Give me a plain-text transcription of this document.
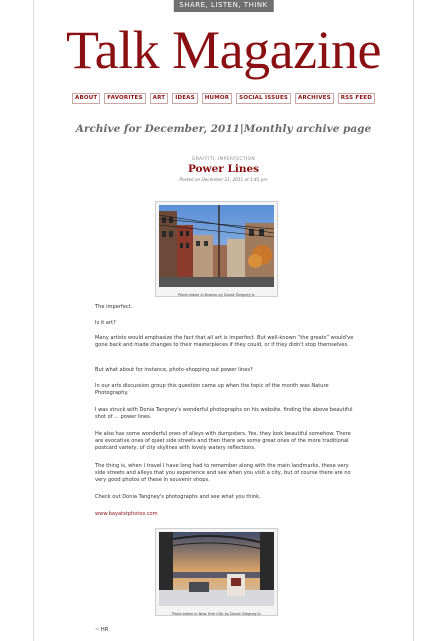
SHARE, LISTEN, THINK
Talk Magazine
ABOUT FAVORITES ART IDEAS HUMOR SOCIAL ISSUES ARCHIVES RSS FEED
Archive for December, 2011|Monthly archive page
GRAFFITI, IMPERFECTION
Power Lines
Posted on December 21, 2011 at 1:43 pm
Photo taken in Boston by Donia Tangney Jr.

The imperfect.

Is it art?

Many artists would emphasize the fact that all art is imperfect. But well-known “the greats” would've gone back and made changes to their masterpieces if they could, or if they didn't stop themselves.

But what about for instance, photo-shopping out power lines?

In our arts discussion group this question came up when the topic of the month was Nature Photography.

I was struck with Donia Tangney's wonderful photographs on his website, finding the above beautiful shot of ... power lines.

He also has some wonderful ones of alleys with dumpsters. Yes, they look beautiful somehow. There are evocative ones of quiet side streets and then there are some great ones of the more traditional postcard variety, of city skylines with lovely watery reflections.

The thing is, when I travel I have long had to remember along with the main landmarks, these very side streets and alleys that you experience and see when you visit a city, but of course there are no very good photos of these in souvenir shops.

Check out Donia Tangney's photographs and see what you think.

www.bayatstphotos.com

Photo taken in New York City by Donia Tangney Jr.

~ HR
